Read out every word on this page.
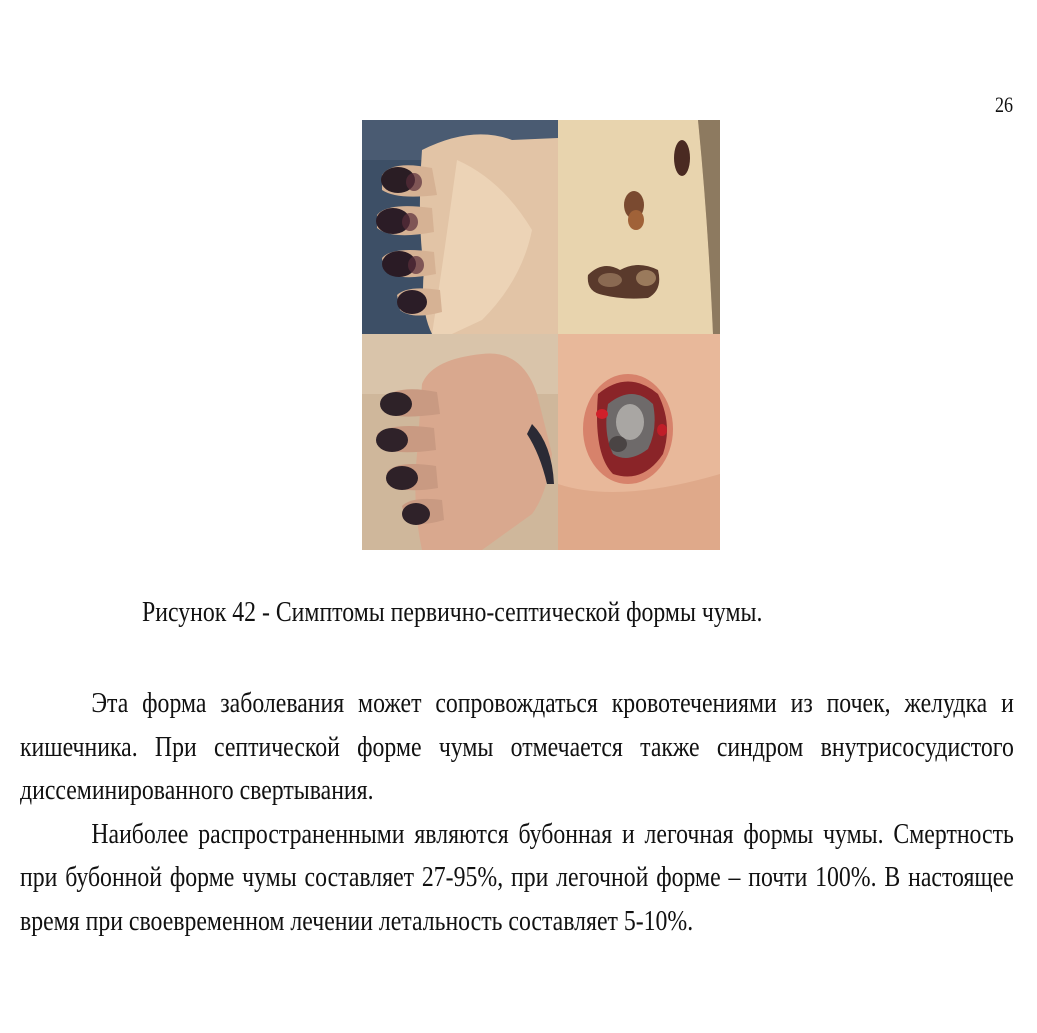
26
Рисунок 42 - Симптомы первично-септической формы чумы.

Эта форма заболевания может сопровождаться кровотечениями из почек, желудка и кишечника. При септической форме чумы отмечается также синдром внутрисосудистого диссеминированного свертывания.

Наиболее распространенными являются бубонная и легочная формы чумы. Смертность при бубонной форме чумы составляет 27-95%, при легочной форме – почти 100%. В настоящее время при своевременном лечении летальность составляет 5-10%.
